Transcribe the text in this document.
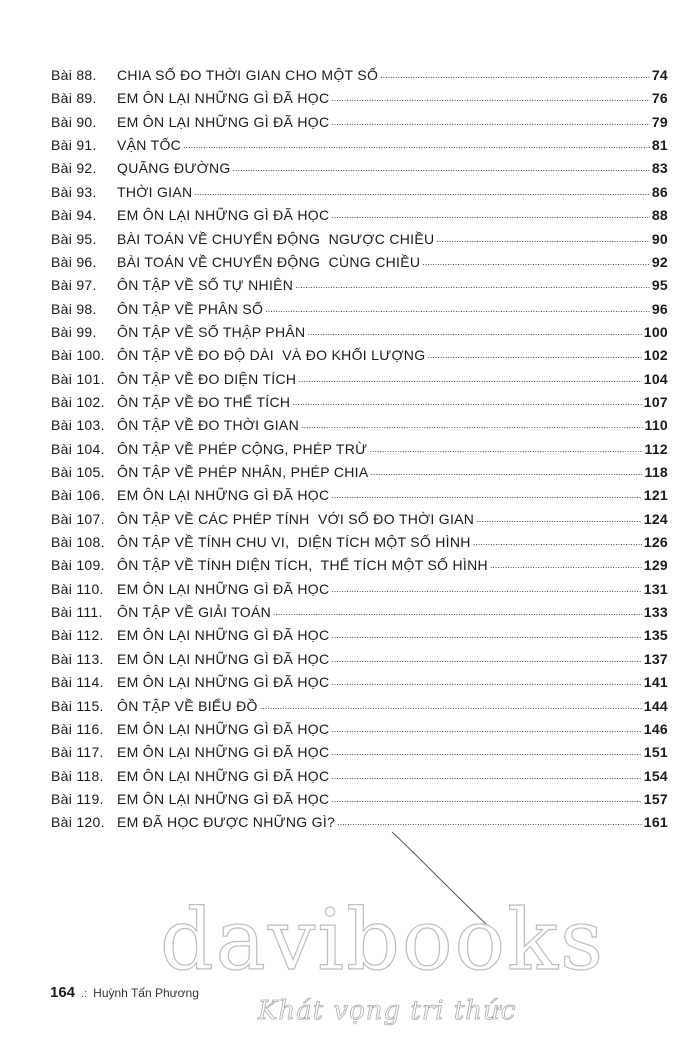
Bài 88.	CHIA SỐ ĐO THỜI GIAN CHO MỘT SỐ .....	74
Bài 89.	EM ÔN LẠI NHỮNG GÌ ĐÃ HỌC .....	76
Bài 90.	EM ÔN LẠI NHỮNG GÌ ĐÃ HỌC .....	79
Bài 91.	VẬN TỐC .....	81
Bài 92.	QUÃNG ĐƯỜNG .....	83
Bài 93.	THỜI GIAN .....	86
Bài 94.	EM ÔN LẠI NHỮNG GÌ ĐÃ HỌC .....	88
Bài 95.	BÀI TOÁN VỀ CHUYỂN ĐỘNG  NGƯỢC CHIỀU .....	90
Bài 96.	BÀI TOÁN VỀ CHUYỂN ĐỘNG  CÙNG CHIỀU .....	92
Bài 97.	ÔN TẬP VỀ SỐ TỰ NHIÊN .....	95
Bài 98.	ÔN TẬP VỀ PHÂN SỐ .....	96
Bài 99.	ÔN TẬP VỀ SỐ THẬP PHÂN .....	100
Bài 100. ÔN TẬP VỀ ĐO ĐỘ DÀI  VÀ ĐO KHỐI LƯỢNG .....	102
Bài 101. ÔN TẬP VỀ ĐO DIỆN TÍCH .....	104
Bài 102. ÔN TẬP VỀ ĐO THỂ TÍCH .....	107
Bài 103. ÔN TẬP VỀ ĐO THỜI GIAN .....	110
Bài 104. ÔN TẬP VỀ PHÉP CỘNG, PHÉP TRỪ .....	112
Bài 105. ÔN TẬP VỀ PHÉP NHÂN, PHÉP CHIA .....	118
Bài 106. EM ÔN LẠI NHỮNG GÌ ĐÃ HỌC .....	121
Bài 107. ÔN TẬP VỀ CÁC PHÉP TÍNH  VỚI SỐ ĐO THỜI GIAN .....	124
Bài 108. ÔN TẬP VỀ TÍNH CHU VI,  DIỆN TÍCH MỘT SỐ HÌNH .....	126
Bài 109. ÔN TẬP VỀ TÍNH DIỆN TÍCH,  THỂ TÍCH MỘT SỐ HÌNH .....	129
Bài 110. EM ÔN LẠI NHỮNG GÌ ĐÃ HỌC .....	131
Bài 111.	ÔN TẬP VỀ GIẢI TOÁN .....	133
Bài 112. EM ÔN LẠI NHỮNG GÌ ĐÃ HỌC .....	135
Bài 113. EM ÔN LẠI NHỮNG GÌ ĐÃ HỌC .....	137
Bài 114. EM ÔN LẠI NHỮNG GÌ ĐÃ HỌC .....	141
Bài 115. ÔN TẬP VỀ BIỂU ĐỒ .....	144
Bài 116. EM ÔN LẠI NHỮNG GÌ ĐÃ HỌC .....	146
Bài 117. EM ÔN LẠI NHỮNG GÌ ĐÃ HỌC .....	151
Bài 118. EM ÔN LẠI NHỮNG GÌ ĐÃ HỌC .....	154
Bài 119. EM ÔN LẠI NHỮNG GÌ ĐÃ HỌC .....	157
Bài 120. EM ĐÃ HỌC ĐƯỢC NHỮNG GÌ? .....	161
164 .: Huỳnh Tấn Phương
davibooks
Khát vọng tri thức
